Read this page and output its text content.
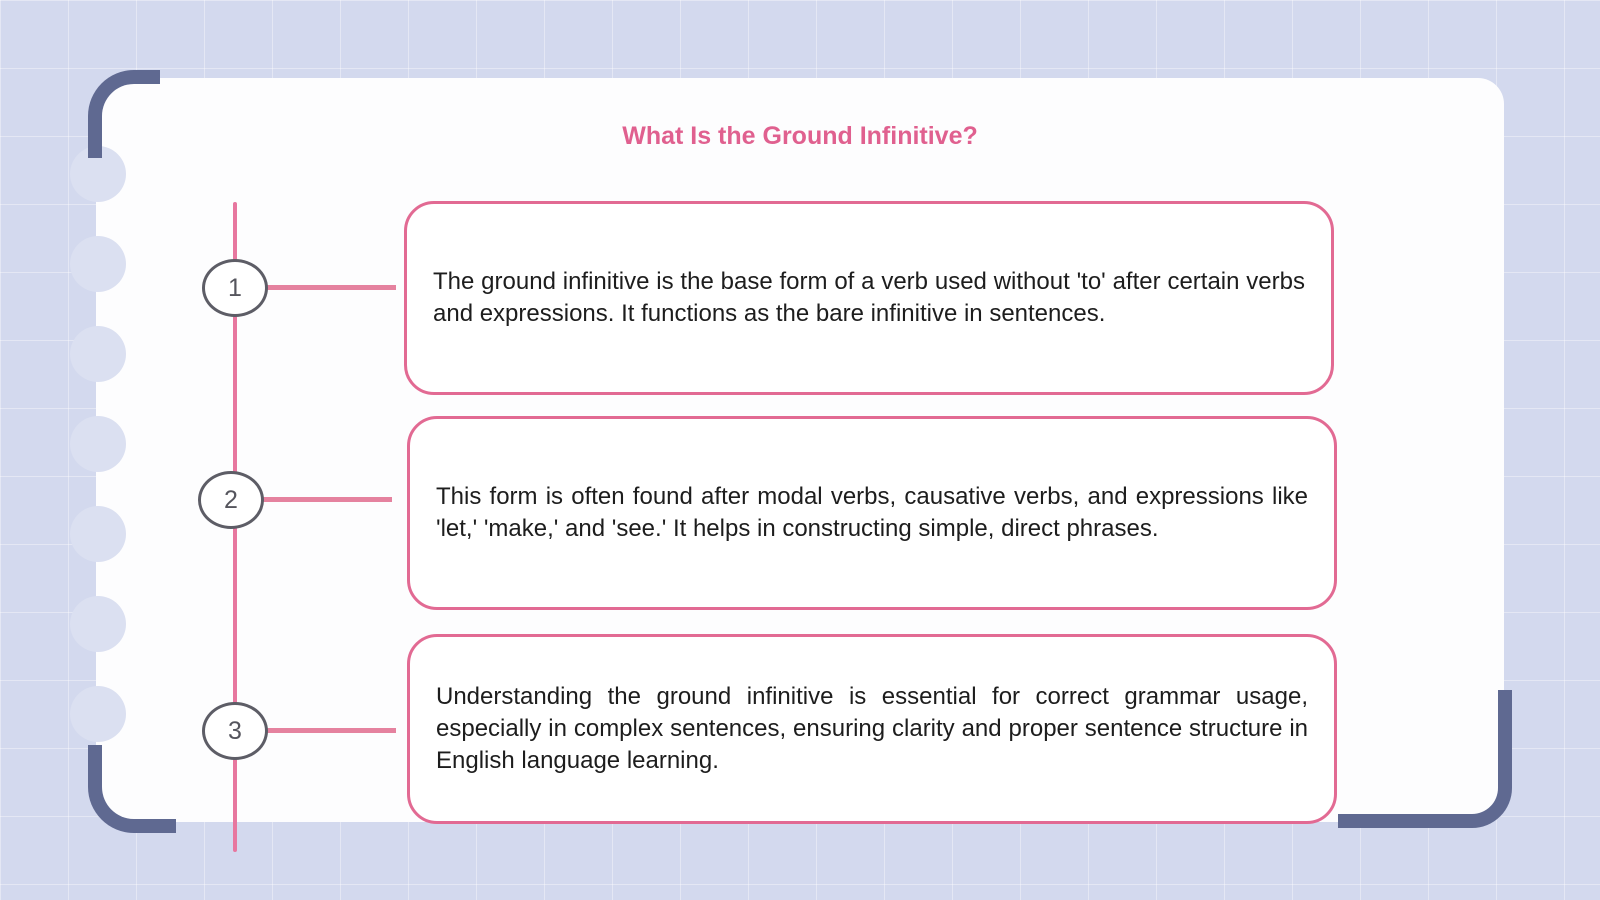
What Is the Ground Infinitive?
1	The ground infinitive is the base form of a verb used without 'to' after certain verbs and expressions. It functions as the bare infinitive in sentences.

2	This form is often found after modal verbs, causative verbs, and expressions like 'let,' 'make,' and 'see.' It helps in constructing simple, direct phrases.

3

Understanding the ground infinitive is essential for correct grammar usage, especially in complex sentences, ensuring clarity and proper sentence structure in English language learning.
